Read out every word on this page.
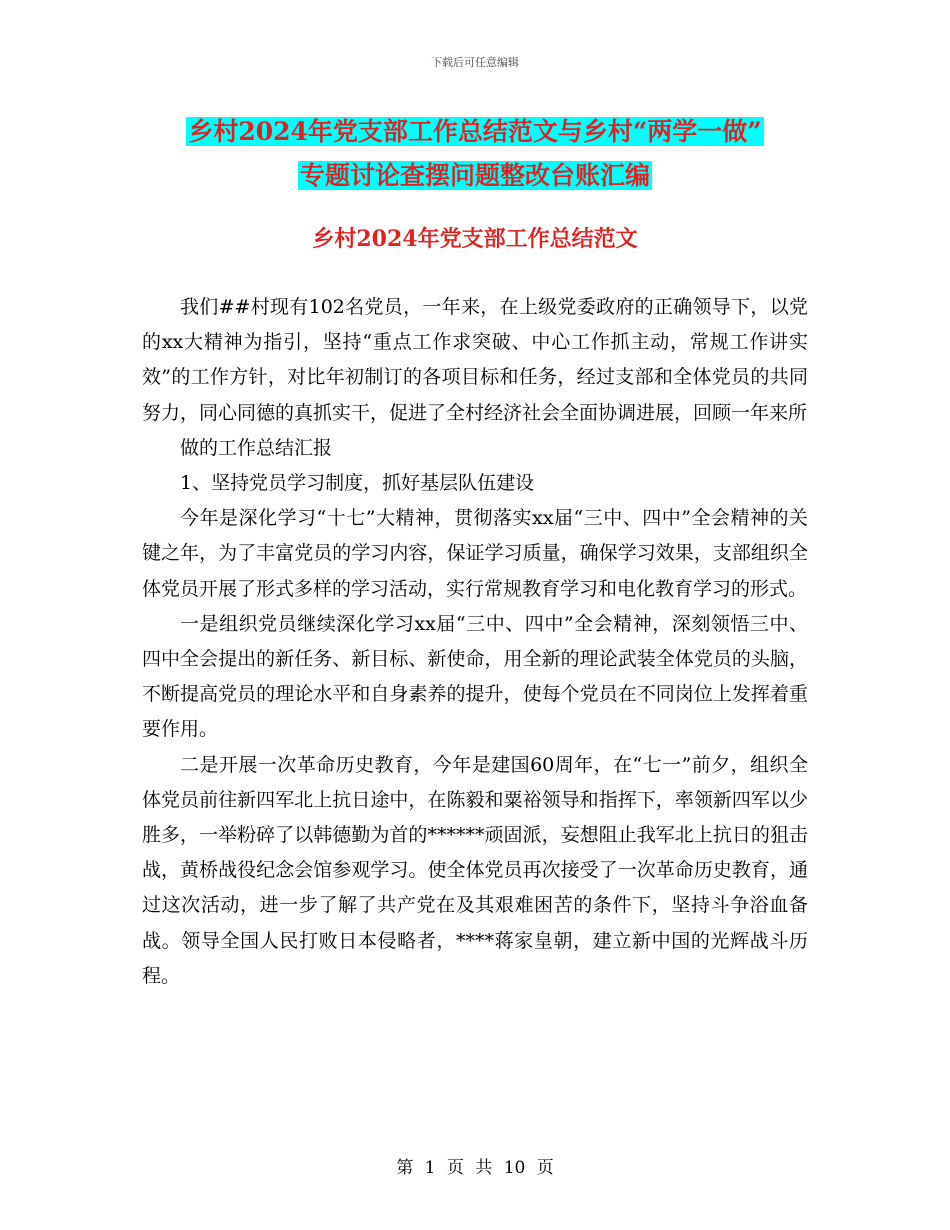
下载后可任意编辑
乡村2024年党支部工作总结范文与乡村“两学一做”
专题讨论查摆问题整改台账汇编
乡村2024年党支部工作总结范文

我们##村现有102名党员，一年来，在上级党委政府的正确领导下，以党的xx大精神为指引，坚持“重点工作求突破、中心工作抓主动，常规工作讲实效”的工作方针，对比年初制订的各项目标和任务，经过支部和全体党员的共同努力，同心同德的真抓实干，促进了全村经济社会全面协调进展，回顾一年来所

做的工作总结汇报

1、坚持党员学习制度，抓好基层队伍建设

今年是深化学习“十七”大精神，贯彻落实xx届“三中、四中”全会精神的关键之年，为了丰富党员的学习内容，保证学习质量，确保学习效果，支部组织全体党员开展了形式多样的学习活动，实行常规教育学习和电化教育学习的形式。

一是组织党员继续深化学习xx届“三中、四中”全会精神，深刻领悟三中、四中全会提出的新任务、新目标、新使命，用全新的理论武装全体党员的头脑，不断提高党员的理论水平和自身素养的提升，使每个党员在不同岗位上发挥着重要作用。

二是开展一次革命历史教育，今年是建国60周年，在“七一”前夕，组织全体党员前往新四军北上抗日途中，在陈毅和粟裕领导和指挥下，率领新四军以少胜多，一举粉碎了以韩德勤为首的******顽固派，妄想阻止我军北上抗日的狙击战，黄桥战役纪念会馆参观学习。使全体党员再次接受了一次革命历史教育，通过这次活动，进一步了解了共产党在及其艰难困苦的条件下，坚持斗争浴血备战。领导全国人民打败日本侵略者，****蒋家皇朝，建立新中国的光辉战斗历程。

第 1 页 共 10 页
